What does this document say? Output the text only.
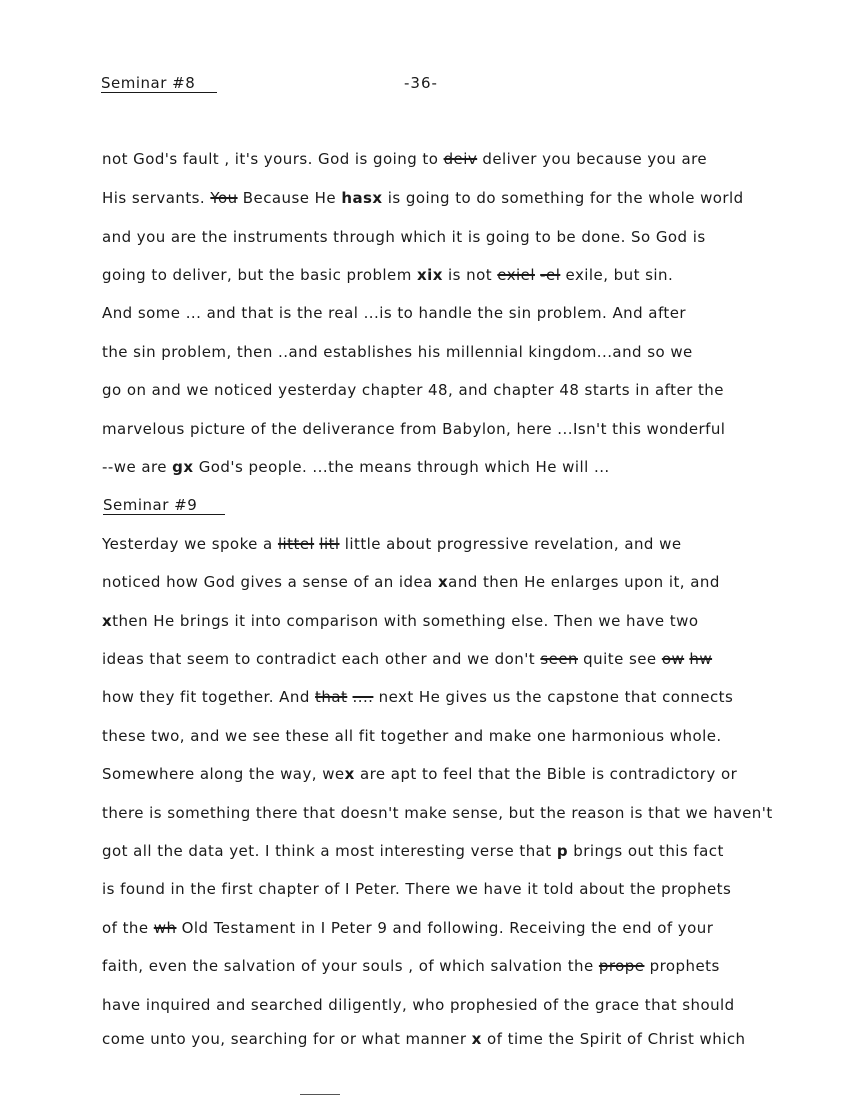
Seminar #8	-36-
not God's fault , it's yours. God is going to deiv deliver you because you are
His servants. You Because He hasx is going to do something for the whole world
and you are the instruments through which it is going to be done. So God is
going to deliver, but the basic problem xix is not exiel -el exile, but sin.
And some ... and that is the real ...is to handle the sin problem. And after
the sin problem, then ..and establishes his millennial kingdom...and so we
go on and we noticed yesterday chapter 48, and chapter 48 starts in after the
marvelous picture of the deliverance from Babylon, here ...Isn't this wonderful
--we are gx God's people. ...the means through which He will ...
Yesterday we spoke a littel litl little about progressive revelation, and we
noticed how God gives a sense of an idea xand then He enlarges upon it, and
xthen He brings it into comparison with something else. Then we have two
ideas that seem to contradict each other and we don't seen quite see ow hw
how they fit together. And that .... next He gives us the capstone that connects
these two, and we see these all fit together and make one harmonious whole.
Somewhere along the way, wex are apt to feel that the Bible is contradictory or
there is something there that doesn't make sense, but the reason is that we haven't
got all the data yet. I think a most interesting verse that p brings out this fact
is found in the first chapter of I Peter. There we have it told about the prophets
of the wh Old Testament in I Peter 9 and following. Receiving the end of your
faith, even the salvation of your souls , of which salvation the prope prophets
have inquired and searched diligently, who prophesied of the grace that should
come unto you, searching for or what manner x of time the Spirit of Christ which
Seminar #9
